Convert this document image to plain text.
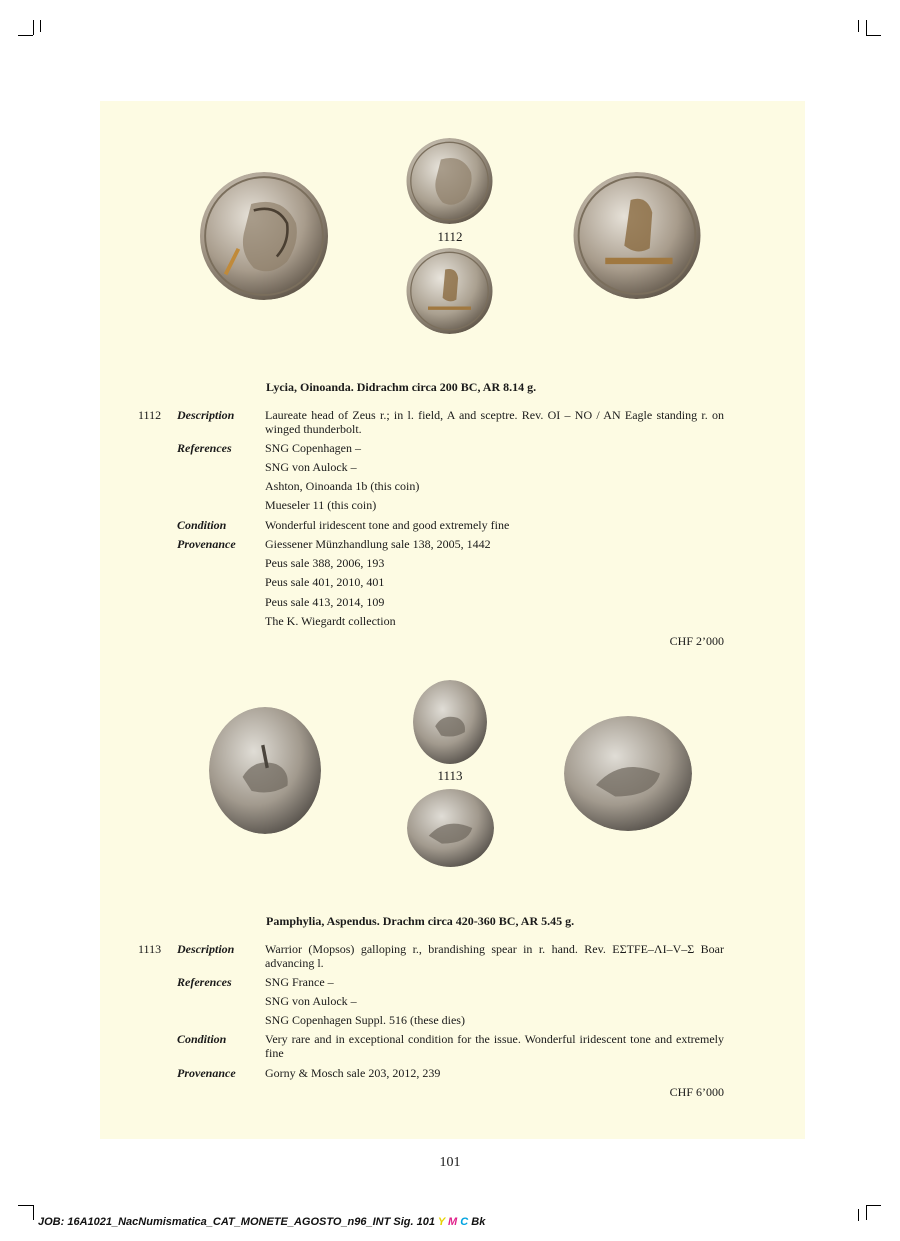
1112
Lycia, Oinoanda. Didrachm circa 200 BC, AR 8.14 g.
1112 Description	Laureate head of Zeus r.; in l. field, A and sceptre. Rev. OI – NO / AN Eagle standing r. on winged thunderbolt.
References	SNG Copenhagen –
SNG von Aulock –
Ashton, Oinoanda 1b (this coin)
Mueseler 11 (this coin)
Condition	Wonderful iridescent tone and good extremely fine
Provenance Giessener Münzhandlung sale 138, 2005, 1442
Peus sale 388, 2006, 193
Peus sale 401, 2010, 401
Peus sale 413, 2014, 109
The K. Wiegardt collection
CHF 2’000
1113
Pamphylia, Aspendus. Drachm circa 420-360 BC, AR 5.45 g.
1113 Description	Warrior (Mopsos) galloping r., brandishing spear in r. hand. Rev. ΕΣΤFΕ–ΛΙ–V–Σ Boar advancing l.
References	SNG France –
SNG von Aulock –
SNG Copenhagen Suppl. 516 (these dies)
Condition	Very rare and in exceptional condition for the issue. Wonderful iridescent tone and extremely fine
Provenance Gorny & Mosch sale 203, 2012, 239
CHF 6’000
101
JOB: 16A1021_NacNumismatica_CAT_MONETE_AGOSTO_n96_INT Sig. 101 Y M C Bk
